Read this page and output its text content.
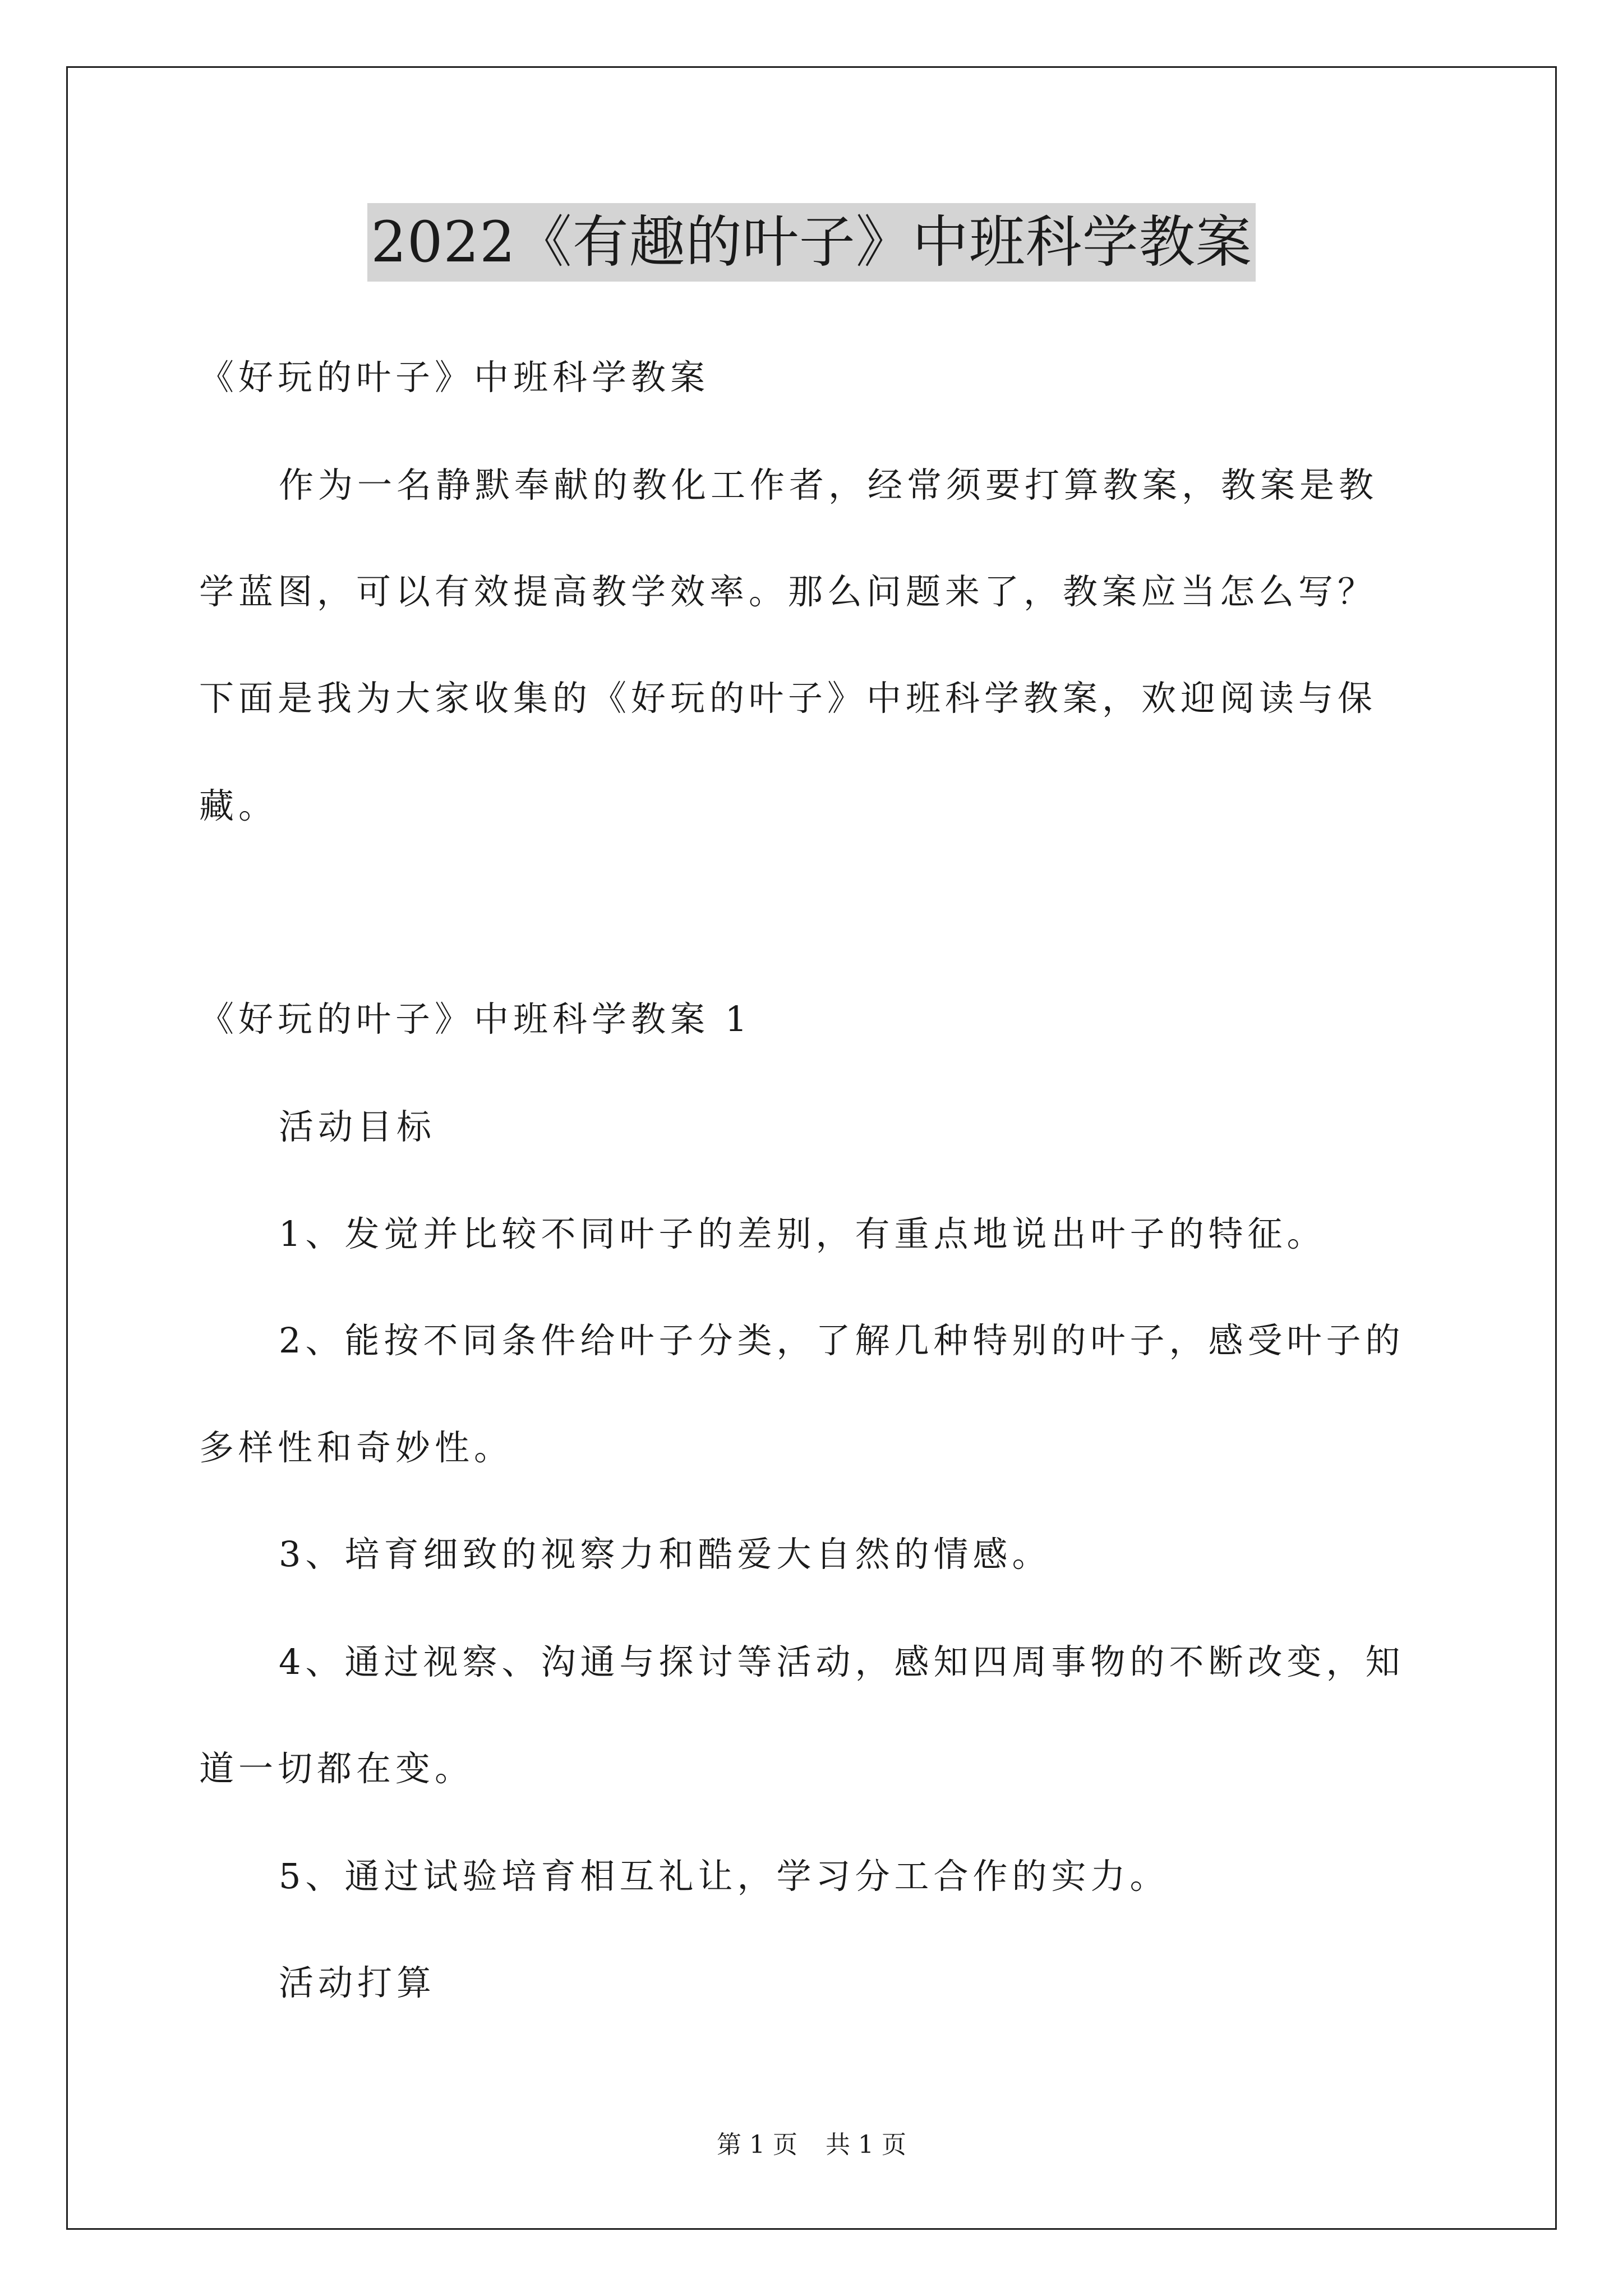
2022《有趣的叶子》中班科学教案
《好玩的叶子》中班科学教案
作为一名静默奉献的教化工作者，经常须要打算教案，教案是教
学蓝图，可以有效提高教学效率。那么问题来了，教案应当怎么写？
下面是我为大家收集的《好玩的叶子》中班科学教案，欢迎阅读与保
藏。
《好玩的叶子》中班科学教案 1
活动目标
1、发觉并比较不同叶子的差别，有重点地说出叶子的特征。
2、能按不同条件给叶子分类，了解几种特别的叶子，感受叶子的
多样性和奇妙性。
3、培育细致的视察力和酷爱大自然的情感。
4、通过视察、沟通与探讨等活动，感知四周事物的不断改变，知
道一切都在变。
5、通过试验培育相互礼让，学习分工合作的实力。
活动打算
第 1 页 共 1 页
